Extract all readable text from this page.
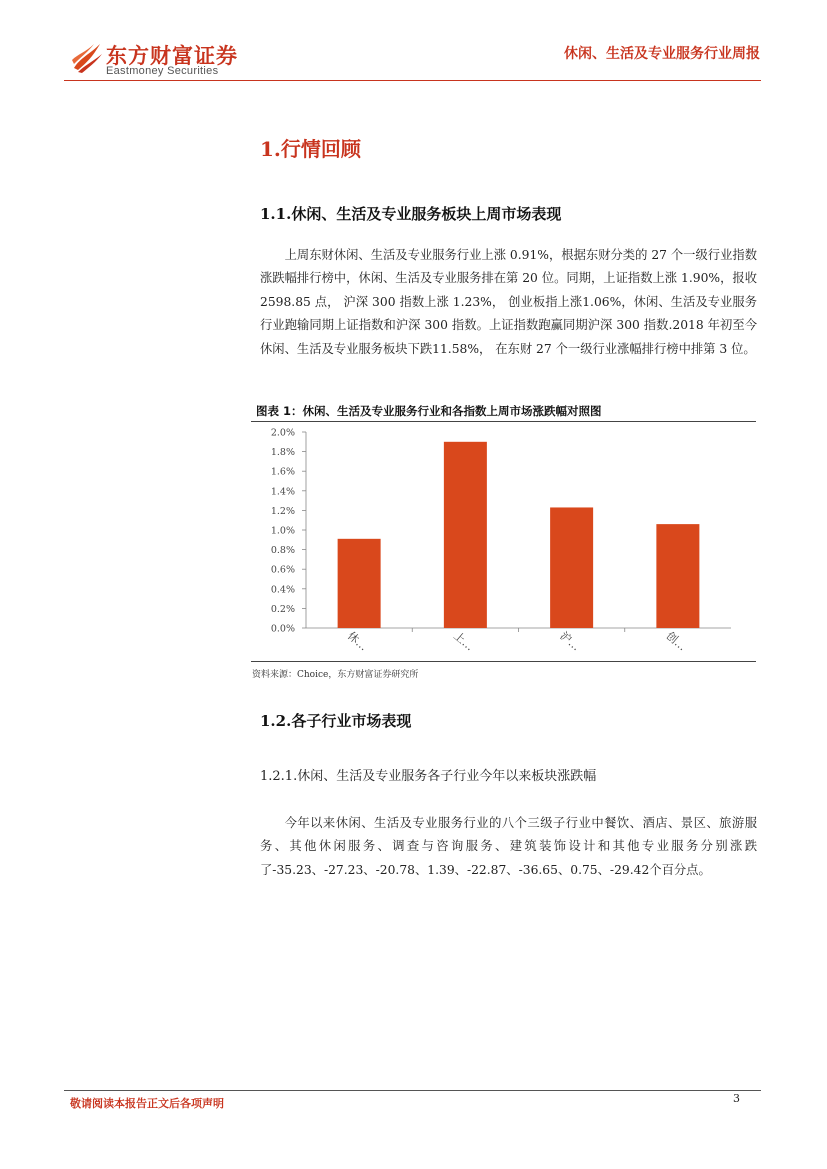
东方财富证券
Eastmoney Securities
休闲、生活及专业服务行业周报
1.行情回顾
1.1.休闲、生活及专业服务板块上周市场表现

上周东财休闲、生活及专业服务行业上涨 0.91%，根据东财分类的 27 个一级行业指数涨跌幅排行榜中，休闲、生活及专业服务排在第 20 位。同期，上证指数上涨 1.90%，报收 2598.85 点， 沪深 300 指数上涨 1.23%， 创业板指上涨1.06%，休闲、生活及专业服务行业跑输同期上证指数和沪深 300 指数。上证指数跑赢同期沪深 300 指数.2018 年初至今休闲、生活及专业服务板块下跌11.58%， 在东财 27 个一级行业涨幅排行榜中排第 3 位。

图表 1：休闲、生活及专业服务行业和各指数上周市场涨跌幅对照图
0.0%
0.2%
0.4%
0.6%
0.8%
1.0%
1.2%
1.4%
1.6%
1.8%
2.0%
休…	上…	沪…	创…
资料来源：Choice，东方财富证券研究所
1.2.各子行业市场表现
1.2.1.休闲、生活及专业服务各子行业今年以来板块涨跌幅

今年以来休闲、生活及专业服务行业的八个三级子行业中餐饮、酒店、景区、旅游服务、其他休闲服务、调查与咨询服务、建筑装饰设计和其他专业服务分别涨跌了-35.23、-27.23、-20.78、1.39、-22.87、-36.65、0.75、-29.42个百分点。

敬请阅读本报告正文后各项声明	3
